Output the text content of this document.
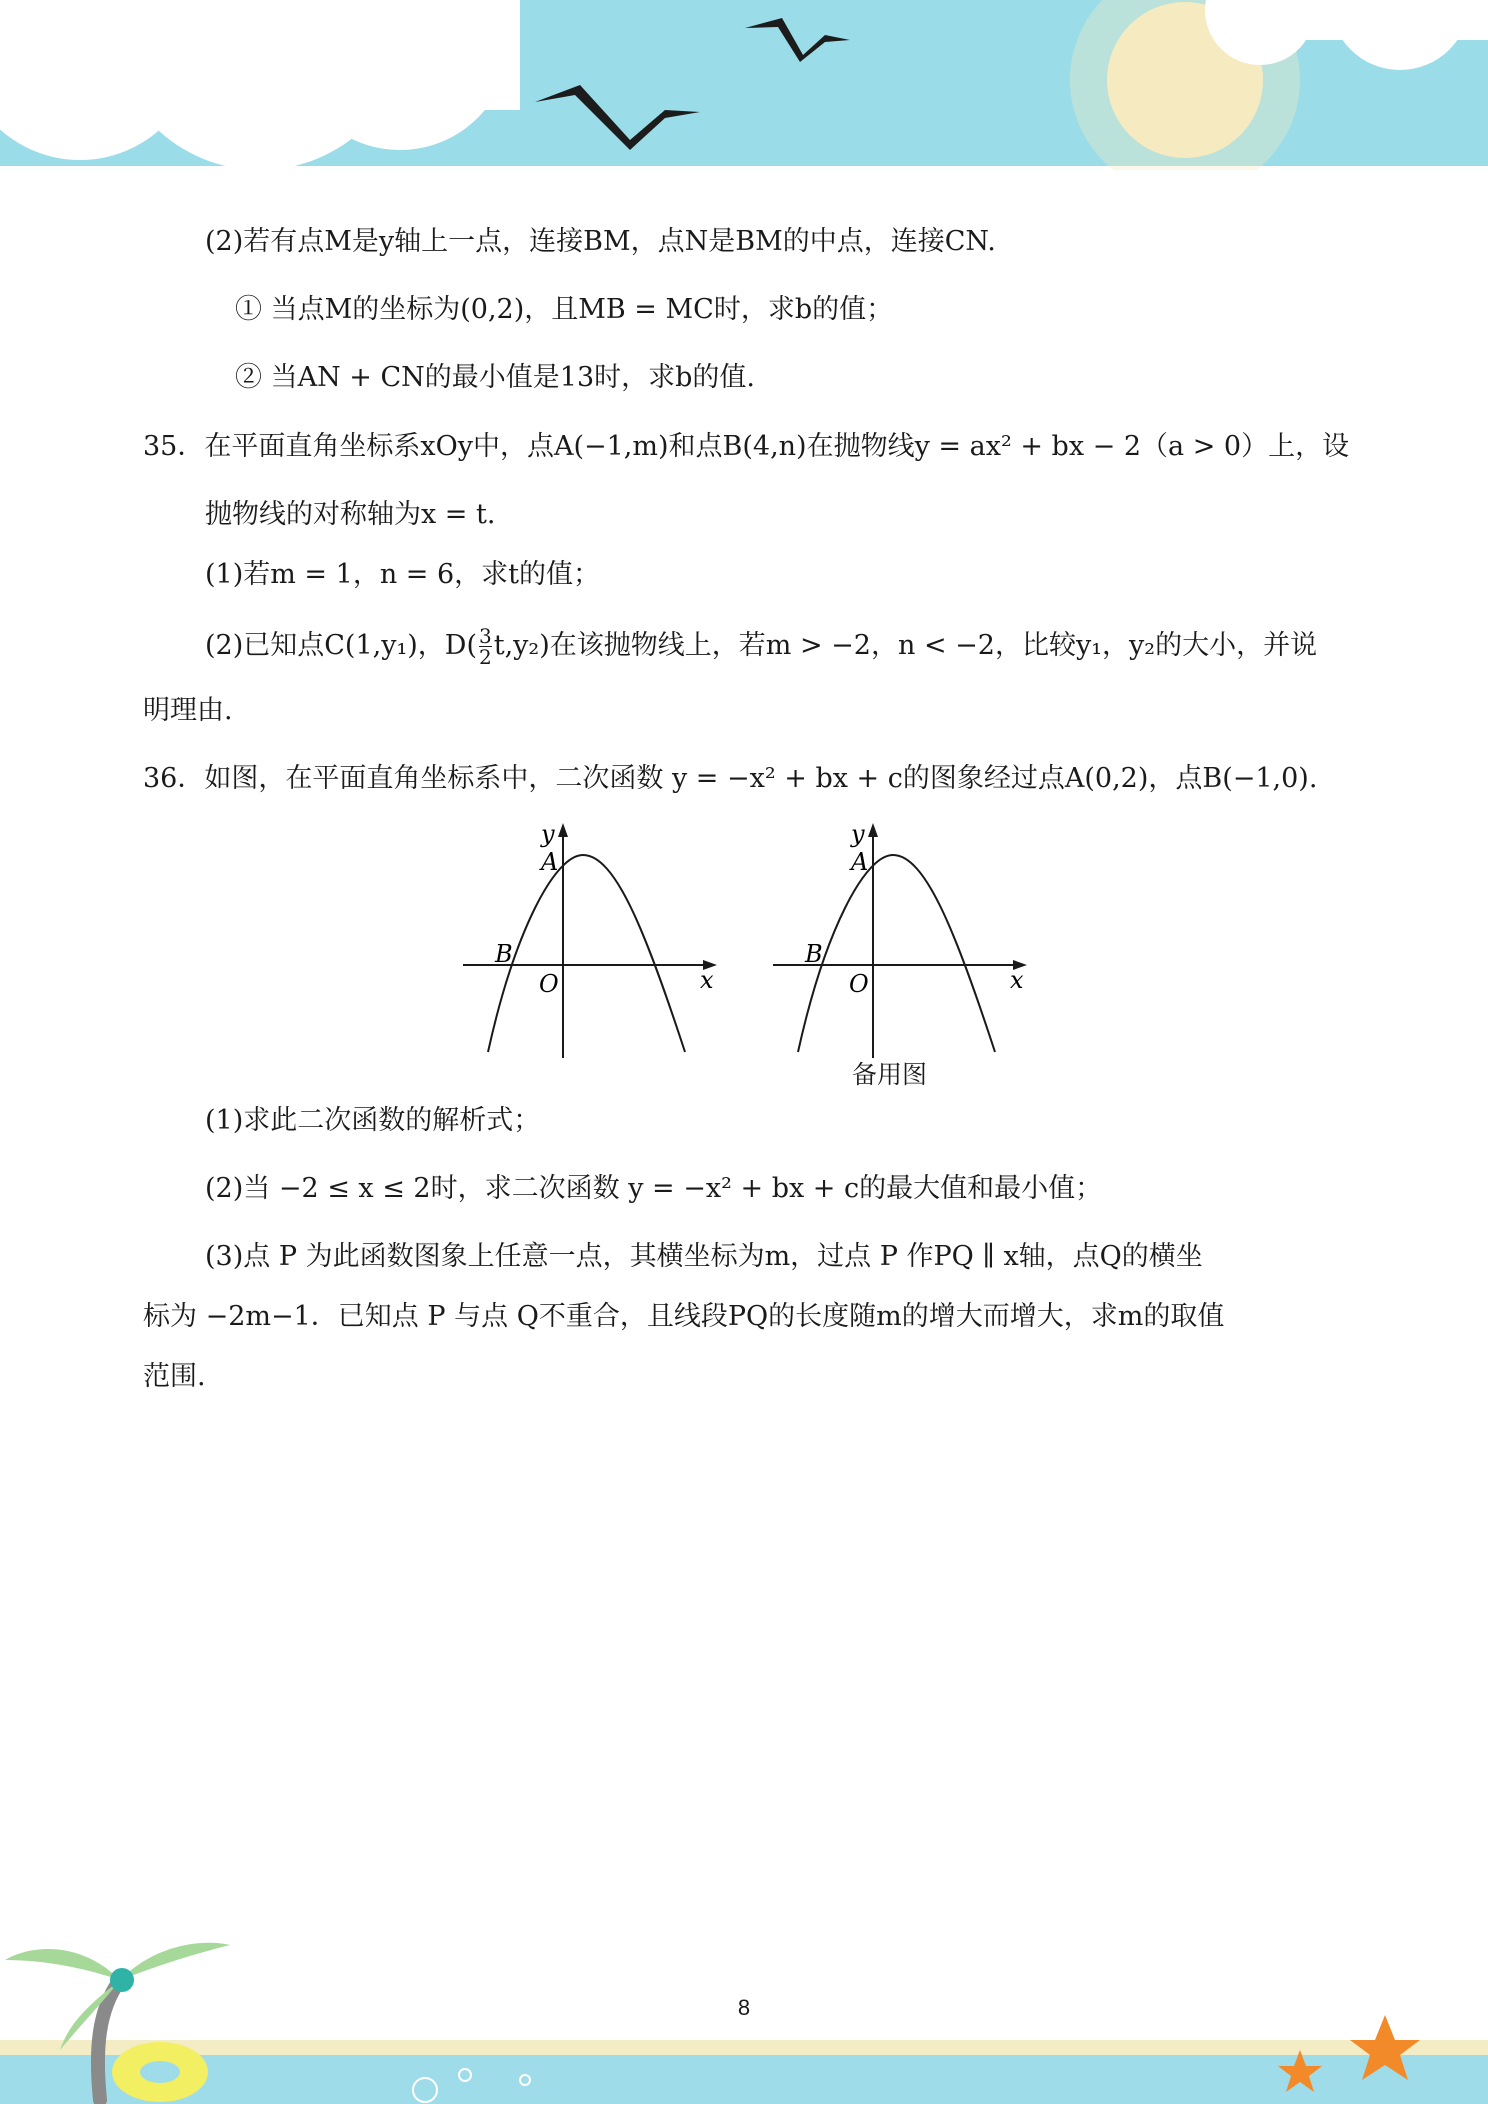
(2)若有点M是y轴上一点，连接BM，点N是BM的中点，连接CN.
① 当点M的坐标为(0,2)，且MB = MC时，求b的值；
② 当AN + CN的最小值是13时，求b的值.
35．在平面直角坐标系xOy中，点A(−1,m)和点B(4,n)在抛物线y = ax² + bx − 2（a > 0）上，设
抛物线的对称轴为x = t.
(1)若m = 1，n = 6，求t的值；
(2)已知点C(1,y₁)，$D( \frac{3}{2} t,y_2)$在该抛物线上，若m > −2，n < −2，比较y₁，y₂的大小，并说
明理由.
36．如图，在平面直角坐标系中，二次函数 y = −x² + bx + c的图象经过点A(0,2)，点B(−1,0).
y
A
B
O	x
y
A
B
O	x
备用图
(1)求此二次函数的解析式；
(2)当 −2 ≤ x ≤ 2时，求二次函数 y = −x² + bx + c的最大值和最小值；
(3)点 P 为此函数图象上任意一点，其横坐标为m，过点 P 作PQ ∥ x轴，点Q的横坐
标为 −2m−1．已知点 P 与点 Q不重合，且线段PQ的长度随m的增大而增大，求m的取值
范围.
8
